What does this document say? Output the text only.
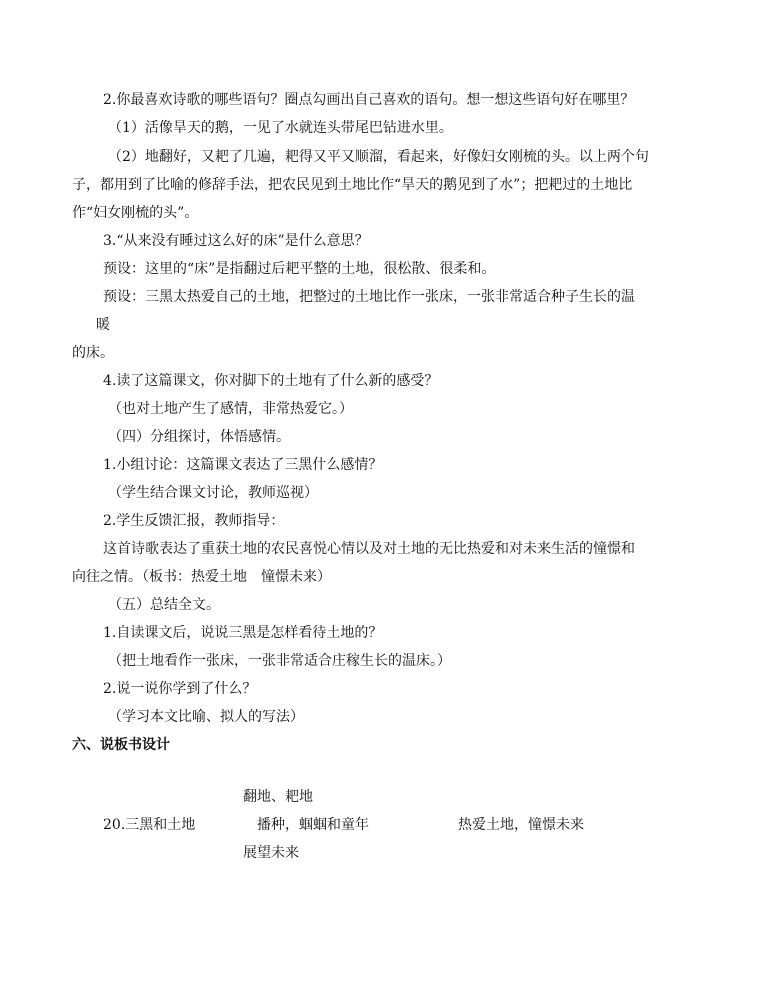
2.你最喜欢诗歌的哪些语句？圈点勾画出自己喜欢的语句。想一想这些语句好在哪里？
（1）活像旱天的鹅，一见了水就连头带尾巴钻进水里。
（2）地翻好，又耙了几遍，耙得又平又顺溜，看起来，好像妇女刚梳的头。以上两个句
子，都用到了比喻的修辞手法，把农民见到土地比作“旱天的鹅见到了水”；把耙过的土地比
作“妇女刚梳的头”。
3.“从来没有睡过这么好的床”是什么意思？
预设：这里的“床”是指翻过后耙平整的土地，很松散、很柔和。
预设：三黑太热爱自己的土地，把整过的土地比作一张床，一张非常适合种子生长的温
暖
的床。
4.读了这篇课文，你对脚下的土地有了什么新的感受？
（也对土地产生了感情，非常热爱它。）
（四）分组探讨，体悟感情。
1.小组讨论：这篇课文表达了三黑什么感情？
（学生结合课文讨论，教师巡视）
2.学生反馈汇报，教师指导：
这首诗歌表达了重获土地的农民喜悦心情以及对土地的无比热爱和对未来生活的憧憬和
向往之情。（板书：热爱土地　憧憬未来）
（五）总结全文。
1.自读课文后，说说三黑是怎样看待土地的？
（把土地看作一张床，一张非常适合庄稼生长的温床。）
2.说一说你学到了什么？
（学习本文比喻、拟人的写法）
六、说板书设计
翻地、耙地
20.三黑和土地	播种，蝈蝈和童年	热爱土地，憧憬未来
展望未来
